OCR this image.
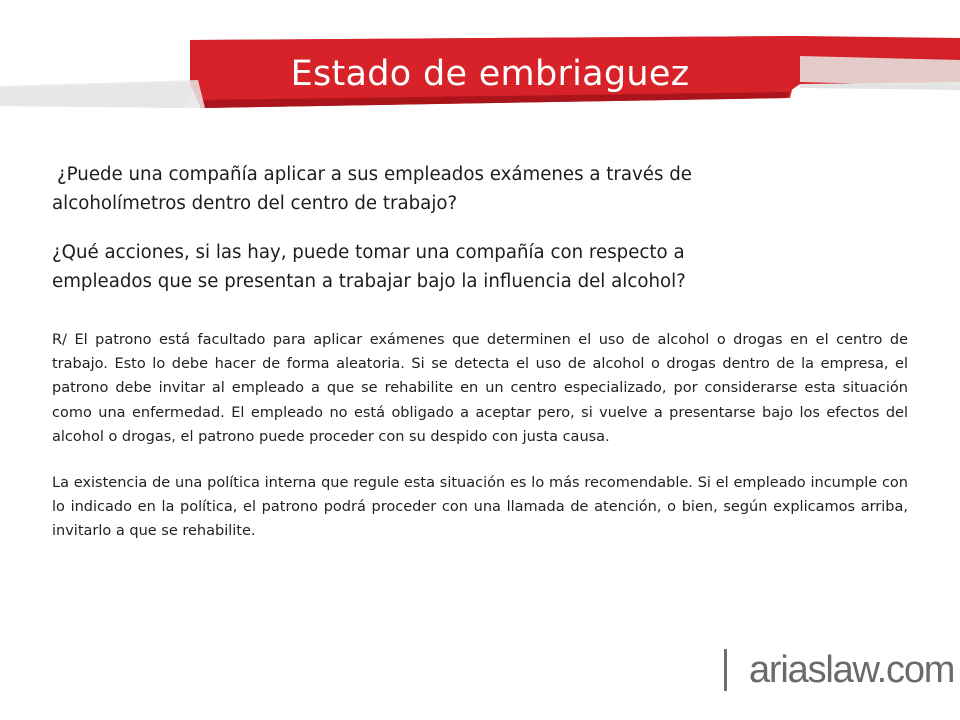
Estado de embriaguez

¿Puede una compañía aplicar a sus empleados exámenes a través de alcoholímetros dentro del centro de trabajo?

¿Qué acciones, si las hay, puede tomar una compañía con respecto a empleados que se presentan a trabajar bajo la influencia del alcohol?

R/ El patrono está facultado para aplicar exámenes que determinen el uso de alcohol o drogas en el centro de trabajo. Esto lo debe hacer de forma aleatoria. Si se detecta el uso de alcohol o drogas dentro de la empresa, el patrono debe invitar al empleado a que se rehabilite en un centro especializado, por considerarse esta situación como una enfermedad. El empleado no está obligado a aceptar pero, si vuelve a presentarse bajo los efectos del alcohol o drogas, el patrono puede proceder con su despido con justa causa.

La existencia de una política interna que regule esta situación es lo más recomendable. Si el empleado incumple con lo indicado en la política, el patrono podrá proceder con una llamada de atención, o bien, según explicamos arriba, invitarlo a que se rehabilite.

ariaslaw.com
